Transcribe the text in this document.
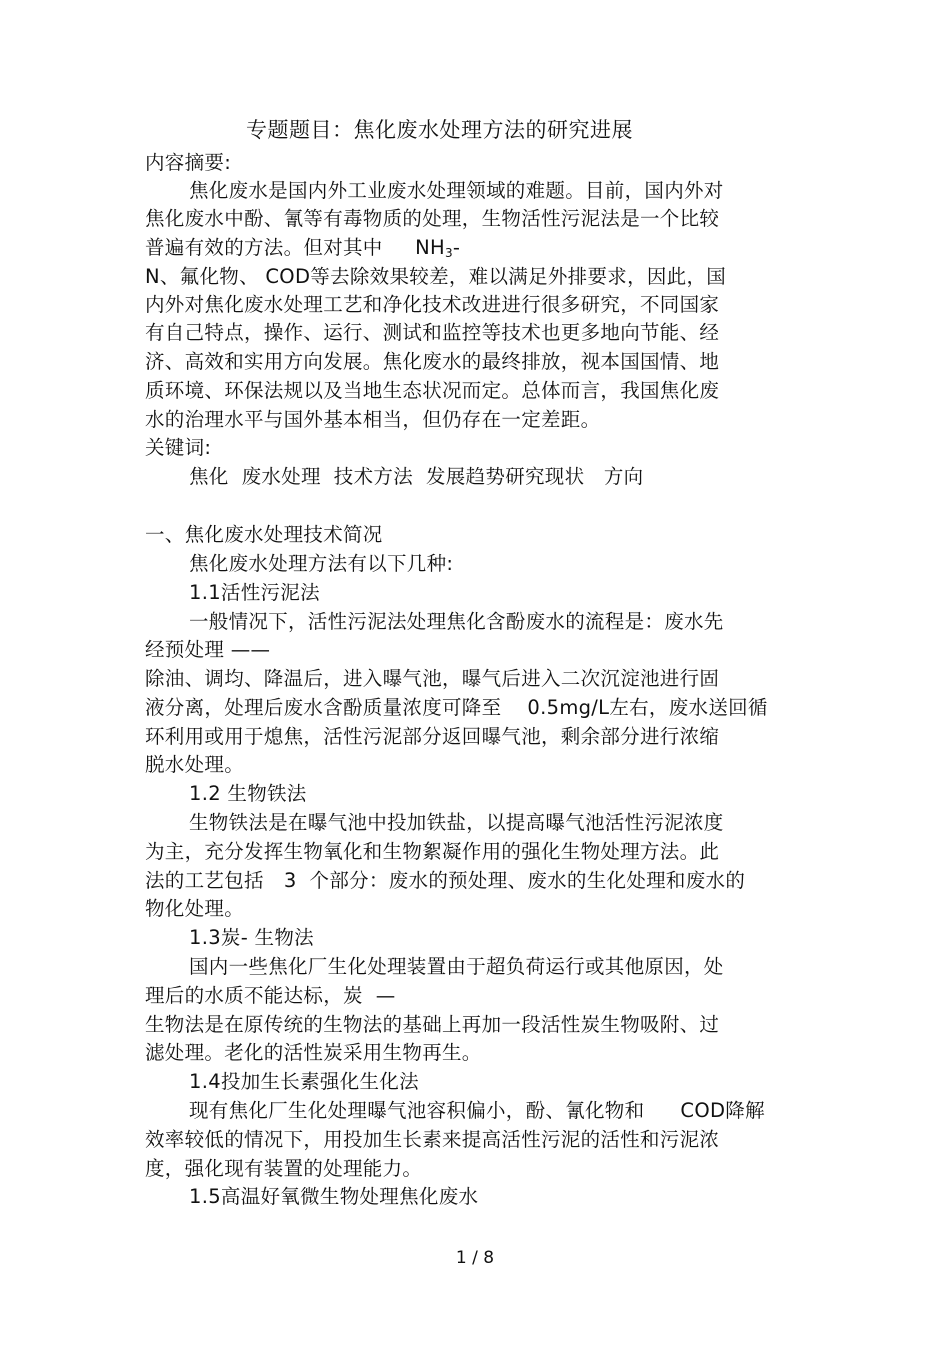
专题题目：焦化废水处理方法的研究进展
内容摘要:
焦化废水是国内外工业废水处理领域的难题。目前，国内外对
焦化废水中酚、氰等有毒物质的处理，生物活性污泥法是一个比较
普遍有效的方法。但对其中 $NH_3-$
N、氟化物、 COD等去除效果较差，难以满足外排要求，因此，国
内外对焦化废水处理工艺和净化技术改进进行很多研究，不同国家
有自己特点，操作、运行、测试和监控等技术也更多地向节能、经
济、高效和实用方向发展。焦化废水的最终排放，视本国国情、地
质环境、环保法规以及当地生态状况而定。总体而言，我国焦化废
水的治理水平与国外基本相当，但仍存在一定差距。
关键词:
焦化  废水处理  技术方法  发展趋势研究现状   方向
一、焦化废水处理技术简况
焦化废水处理方法有以下几种:
1.1活性污泥法
一般情况下，活性污泥法处理焦化含酚废水的流程是：废水先
经预处理 ——
除油、调均、降温后，进入曝气池，曝气后进入二次沉淀池进行固
液分离，处理后废水含酚质量浓度可降至 0.5mg/L左右，废水送回循
环利用或用于熄焦，活性污泥部分返回曝气池，剩余部分进行浓缩
脱水处理。
1.2 生物铁法
生物铁法是在曝气池中投加铁盐，以提高曝气池活性污泥浓度
为主，充分发挥生物氧化和生物絮凝作用的强化生物处理方法。此
法的工艺包括 3  个部分：废水的预处理、废水的生化处理和废水的
物化处理。
1.3炭- 生物法
国内一些焦化厂生化处理装置由于超负荷运行或其他原因，处
理后的水质不能达标，炭  —
生物法是在原传统的生物法的基础上再加一段活性炭生物吸附、过
滤处理。老化的活性炭采用生物再生。
1.4投加生长素强化生化法
现有焦化厂生化处理曝气池容积偏小，酚、氰化物和 COD降解
效率较低的情况下，用投加生长素来提高活性污泥的活性和污泥浓
度，强化现有装置的处理能力。
1.5高温好氧微生物处理焦化废水
1 / 8
